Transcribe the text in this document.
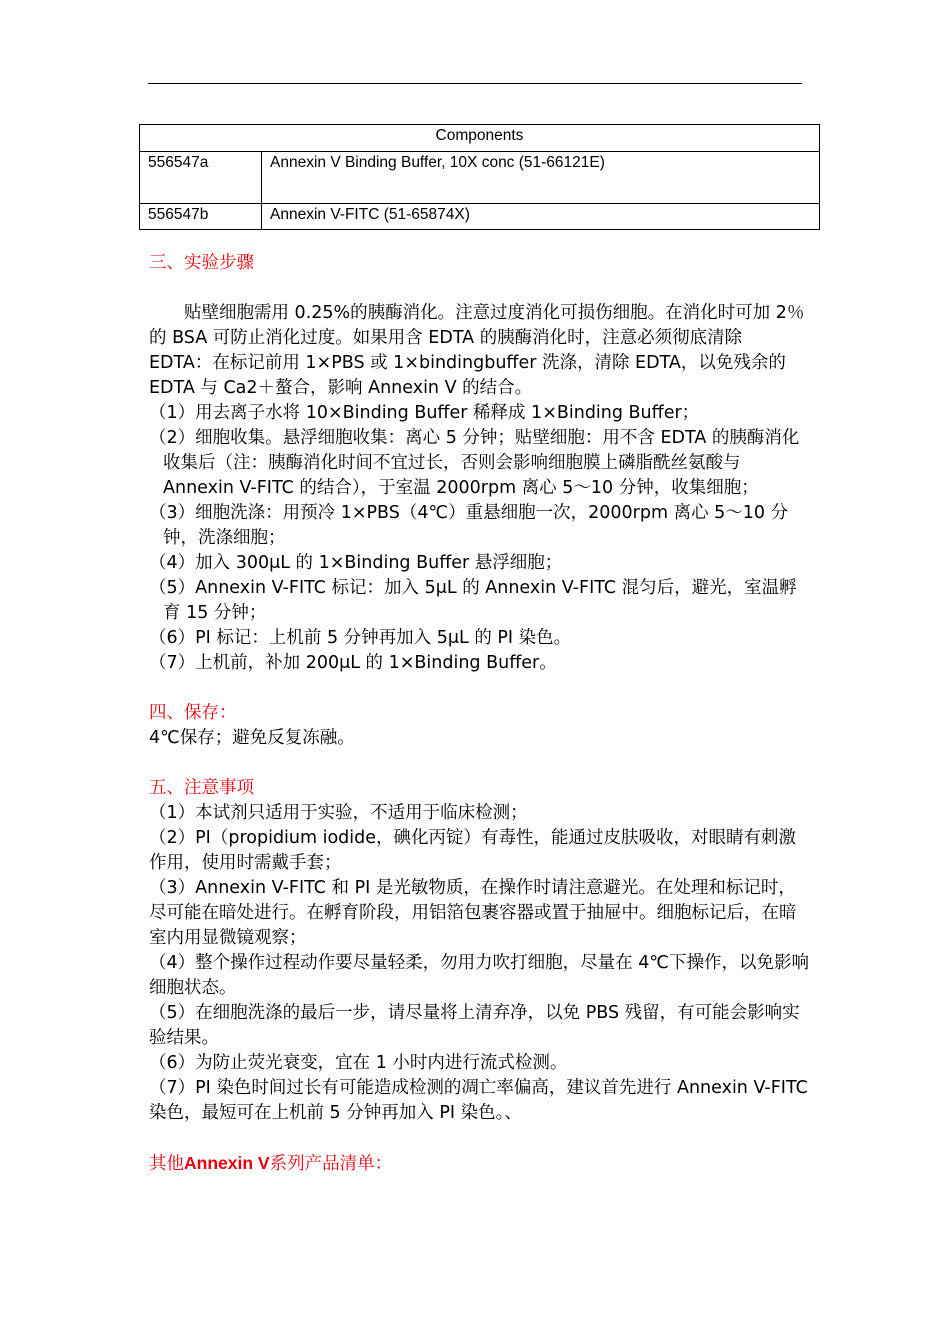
Components	
556547a	Annexin V Binding Buffer, 10X conc (51-66121E)
556547b	Annexin V-FITC (51-65874X)

三、实验步骤

贴壁细胞需用 0.25%的胰酶消化。注意过度消化可损伤细胞。在消化时可加 2％的 BSA 可防止消化过度。如果用含 EDTA 的胰酶消化时，注意必须彻底清除 EDTA：在标记前用 1×PBS 或 1×bindingbuffer 洗涤，清除 EDTA，以免残余的 EDTA 与 Ca2＋螯合，影响 Annexin V 的结合。

（1）用去离子水将 10×Binding Buffer 稀释成 1×Binding Buffer；

（2）细胞收集。悬浮细胞收集：离心 5 分钟；贴壁细胞：用不含 EDTA 的胰酶消化收集后（注：胰酶消化时间不宜过长，否则会影响细胞膜上磷脂酰丝氨酸与 Annexin V-FITC 的结合），于室温 2000rpm 离心 5～10 分钟，收集细胞；

（3）细胞洗涤：用预冷 1×PBS（4℃）重悬细胞一次，2000rpm 离心 5～10 分钟，洗涤细胞；

（4）加入 300μL 的 1×Binding Buffer 悬浮细胞；

（5）Annexin V-FITC 标记：加入 5μL 的 Annexin V-FITC 混匀后，避光，室温孵育 15 分钟；

（6）PI 标记：上机前 5 分钟再加入 5μL 的 PI 染色。

（7）上机前，补加 200μL 的 1×Binding Buffer。

四、保存：

4℃保存；避免反复冻融。

五、注意事项

（1）本试剂只适用于实验，不适用于临床检测；

（2）PI（propidium iodide，碘化丙锭）有毒性，能通过皮肤吸收，对眼睛有刺激作用，使用时需戴手套；

（3）Annexin V-FITC 和 PI 是光敏物质，在操作时请注意避光。在处理和标记时，尽可能在暗处进行。在孵育阶段，用铝箔包裹容器或置于抽屉中。细胞标记后，在暗室内用显微镜观察；

（4）整个操作过程动作要尽量轻柔，勿用力吹打细胞，尽量在 4℃下操作，以免影响细胞状态。

（5）在细胞洗涤的最后一步，请尽量将上清弃净，以免 PBS 残留，有可能会影响实验结果。

（6）为防止荧光衰变，宜在 1 小时内进行流式检测。

（7）PI 染色时间过长有可能造成检测的凋亡率偏高，建议首先进行 Annexin V-FITC 染色，最短可在上机前 5 分钟再加入 PI 染色。、

其他Annexin V系列产品清单：
